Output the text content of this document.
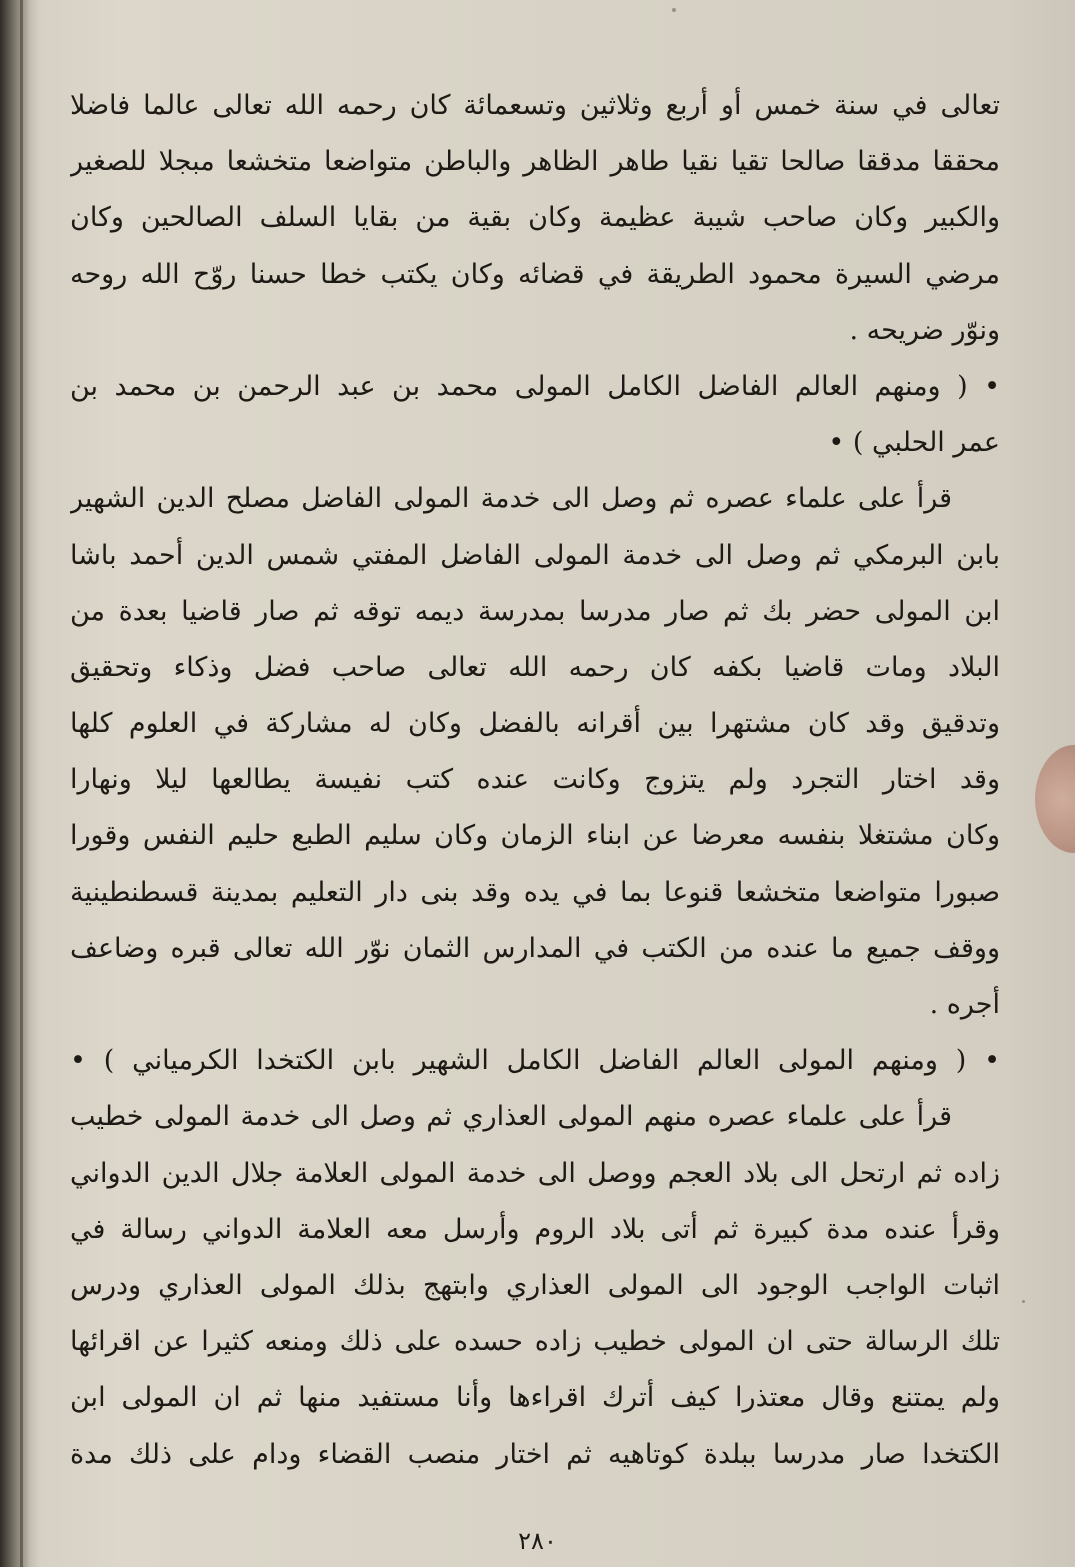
تعالى في سنة خمس أو أربع وثلاثين وتسعمائة كان رحمه الله تعالى عالما فاضلا
محققا مدققا صالحا تقيا نقيا طاهر الظاهر والباطن متواضعا متخشعا مبجلا للصغير
والكبير وكان صاحب شيبة عظيمة وكان بقية من بقايا السلف الصالحين وكان
مرضي السيرة محمود الطريقة في قضائه وكان يكتب خطا حسنا روّح الله روحه
ونوّر ضريحه .
• ( ومنهم العالم الفاضل الكامل المولى محمد بن عبد الرحمن بن محمد بن
عمر الحلبي ) •
قرأ على علماء عصره ثم وصل الى خدمة المولى الفاضل مصلح الدين الشهير
بابن البرمكي ثم وصل الى خدمة المولى الفاضل المفتي شمس الدين أحمد باشا
ابن المولى حضر بك ثم صار مدرسا بمدرسة ديمه توقه ثم صار قاضيا بعدة من
البلاد ومات قاضيا بكفه كان رحمه الله تعالى صاحب فضل وذكاء وتحقيق
وتدقيق وقد كان مشتهرا بين أقرانه بالفضل وكان له مشاركة في العلوم كلها
وقد اختار التجرد ولم يتزوج وكانت عنده كتب نفيسة يطالعها ليلا ونهارا
وكان مشتغلا بنفسه معرضا عن ابناء الزمان وكان سليم الطبع حليم النفس وقورا
صبورا متواضعا متخشعا قنوعا بما في يده وقد بنى دار التعليم بمدينة قسطنطينية
ووقف جميع ما عنده من الكتب في المدارس الثمان نوّر الله تعالى قبره وضاعف
أجره .
• ( ومنهم المولى العالم الفاضل الكامل الشهير بابن الكتخدا الكرمياني ) •
قرأ على علماء عصره منهم المولى العذاري ثم وصل الى خدمة المولى خطيب
زاده ثم ارتحل الى بلاد العجم ووصل الى خدمة المولى العلامة جلال الدين الدواني
وقرأ عنده مدة كبيرة ثم أتى بلاد الروم وأرسل معه العلامة الدواني رسالة في
اثبات الواجب الوجود الى المولى العذاري وابتهج بذلك المولى العذاري ودرس
تلك الرسالة حتى ان المولى خطيب زاده حسده على ذلك ومنعه كثيرا عن اقرائها
ولم يمتنع وقال معتذرا كيف أترك اقراءها وأنا مستفيد منها ثم ان المولى ابن
الكتخدا صار مدرسا ببلدة كوتاهيه ثم اختار منصب القضاء ودام على ذلك مدة
٢٨٠
